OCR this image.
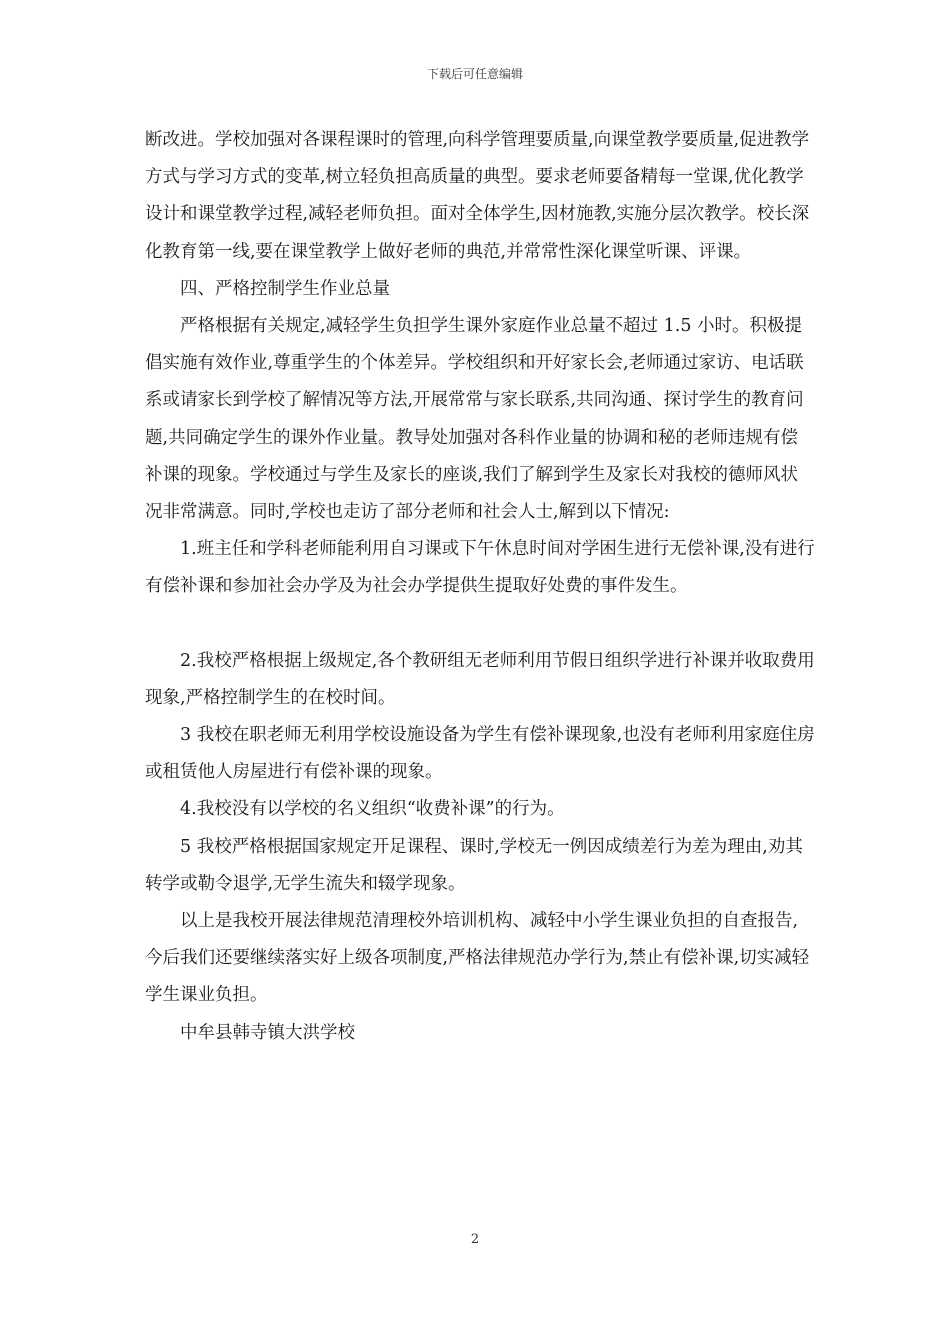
下载后可任意编辑

断改进。学校加强对各课程课时的管理,向科学管理要质量,向课堂教学要质量,促进教学方式与学习方式的变革,树立轻负担高质量的典型。要求老师要备精每一堂课,优化教学设计和课堂教学过程,减轻老师负担。面对全体学生,因材施教,实施分层次教学。校长深化教育第一线,要在课堂教学上做好老师的典范,并常常性深化课堂听课、评课。

四、严格控制学生作业总量

严格根据有关规定,减轻学生负担学生课外家庭作业总量不超过 1.5 小时。积极提倡实施有效作业,尊重学生的个体差异。学校组织和开好家长会,老师通过家访、电话联系或请家长到学校了解情况等方法,开展常常与家长联系,共同沟通、探讨学生的教育问题,共同确定学生的课外作业量。教导处加强对各科作业量的协调和秘的老师违规有偿补课的现象。学校通过与学生及家长的座谈,我们了解到学生及家长对我校的德师风状况非常满意。同时,学校也走访了部分老师和社会人士,解到以下情况:

1.班主任和学科老师能利用自习课或下午休息时间对学困生进行无偿补课,没有进行有偿补课和参加社会办学及为社会办学提供生提取好处费的事件发生。

2.我校严格根据上级规定,各个教研组无老师利用节假日组织学进行补课并收取费用现象,严格控制学生的在校时间。

3 我校在职老师无利用学校设施设备为学生有偿补课现象,也没有老师利用家庭住房或租赁他人房屋进行有偿补课的现象。

4.我校没有以学校的名义组织“收费补课”的行为。

5 我校严格根据国家规定开足课程、课时,学校无一例因成绩差行为差为理由,劝其转学或勒令退学,无学生流失和辍学现象。

以上是我校开展法律规范清理校外培训机构、减轻中小学生课业负担的自查报告,今后我们还要继续落实好上级各项制度,严格法律规范办学行为,禁止有偿补课,切实减轻学生课业负担。

中牟县韩寺镇大洪学校

2
